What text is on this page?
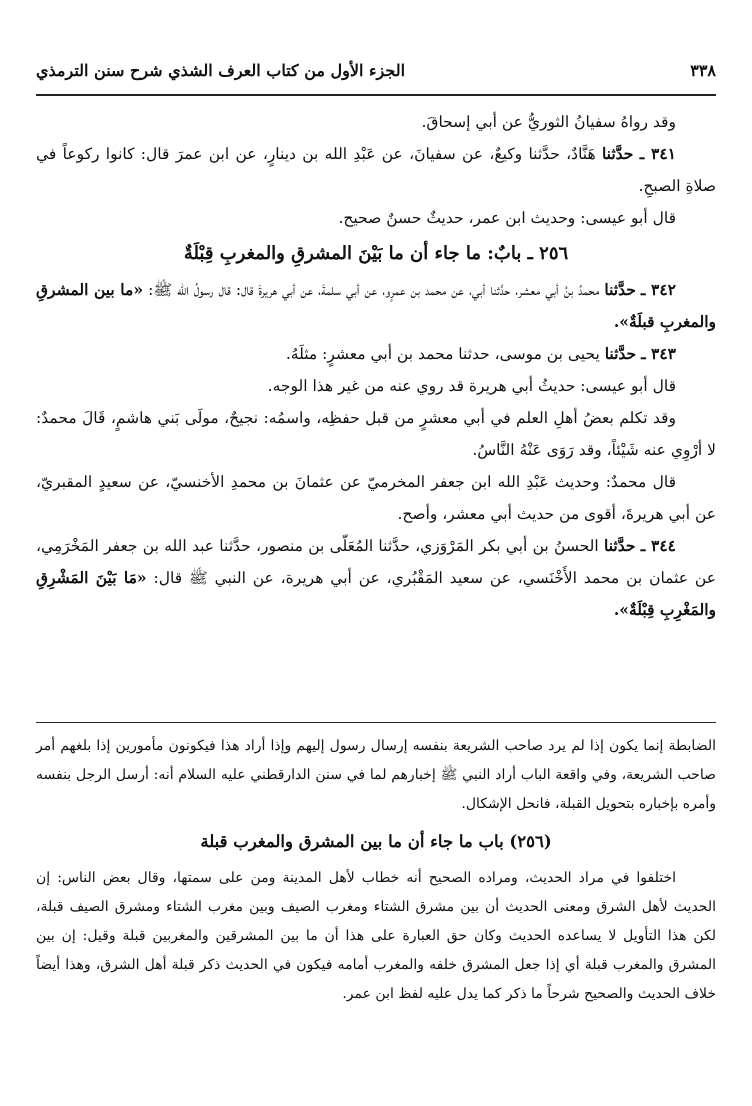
٣٣٨
الجزء الأول من كتاب العرف الشذي شرح سنن الترمذي

وقد رواهُ سفيانُ الثوريُّ عن أبي إسحاقَ.

٣٤١ ـ حدَّثنا هَنَّادٌ، حدَّثنا وكيعٌ، عن سفيانَ، عن عَبْدِ الله بن دينارٍ، عن ابن عمرَ قال: كانوا ركوعاً في صلاةِ الصبحِ.

قال أبو عيسى: وحديث ابن عمر، حديثٌ حسنٌ صحيح.

٢٥٦ ـ بابٌ: ما جاء أن ما بَيْنَ المشرقِ والمغربِ قِبْلَةٌ

٣٤٢ ـ حدَّثنا محمدُ بنُ أبي معشر، حدَّثنا أبي، عن محمد بن عمرٍو، عن أبي سلمةَ، عن أبي هريرةَ قال: قال رسولُ الله ﷺ: «ما بين المشرقِ والمغربِ قبلَةٌ».

٣٤٣ ـ حدَّثنا يحيى بن موسى، حدثنا محمد بن أبي معشرٍ: مثلَهُ.

قال أبو عيسى: حديثُ أبي هريرة قد روي عنه من غير هذا الوجه.

وقد تكلم بعضُ أهلِ العلم في أبي معشرٍ من قبل حفظِه، واسمُه: نجيحٌ، مولَى بَني هاشمٍ، قَالَ محمدٌ: لا أرْوِي عنه شَيْئاً، وقد رَوَى عَنْهُ النَّاسُ.

قال محمدٌ: وحديث عَبْدِ الله ابن جعفر المخرميّ عن عثمانَ بن محمدِ الأخنسيّ، عن سعيدٍ المقبريّ، عن أبي هريرةَ، أقوى من حديث أبي معشر، وأصح.

٣٤٤ ـ حدَّثنا الحسنُ بن أبي بكر المَرْوَزي، حدَّثنا المُعَلّى بن منصور، حدَّثنا عبد الله بن جعفر المَخْرَمِي، عن عثمان بن محمد الأَخْنَسي، عن سعيد المَقْبُري، عن أبي هريرة، عن النبي ﷺ قال: «مَا بَيْنَ المَشْرِقِ والمَغْرِبِ قِبْلَةٌ».

الضابطة إنما يكون إذا لم يرد صاحب الشريعة بنفسه إرسال رسول إليهم وإذا أراد هذا فيكونون مأمورين إذا بلغهم أمر صاحب الشريعة، وفي واقعة الباب أراد النبي ﷺ إخبارهم لما في سنن الدارقطني عليه السلام أنه: أرسل الرجل بنفسه وأمره بإخباره بتحويل القبلة، فانحل الإشكال.

(٢٥٦) باب ما جاء أن ما بين المشرق والمغرب قبلة

اختلفوا في مراد الحديث، ومراده الصحيح أنه خطاب لأهل المدينة ومن على سمتها، وقال بعض الناس: إن الحديث لأهل الشرق ومعنى الحديث أن بين مشرق الشتاء ومغرب الصيف وبين مغرب الشتاء ومشرق الصيف قبلة، لكن هذا التأويل لا يساعده الحديث وكان حق العبارة على هذا أن ما بين المشرقين والمغربين قبلة وقيل: إن بين المشرق والمغرب قبلة أي إذا جعل المشرق خلفه والمغرب أمامه فيكون في الحديث ذكر قبلة أهل الشرق، وهذا أيضاً خلاف الحديث والصحيح شرحاً ما ذكر كما يدل عليه لفظ ابن عمر.
